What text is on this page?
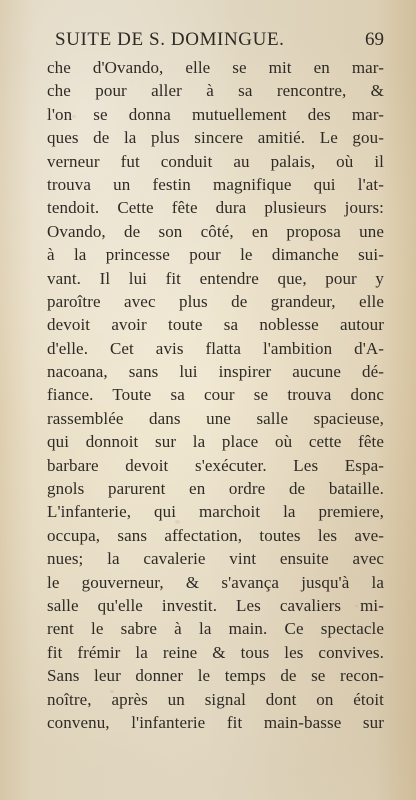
SUITE DE S. DOMINGUE.	69
che d'Ovando, elle se mit en mar-
che pour aller à sa rencontre, &
l'on se donna mutuellement des mar-
ques de la plus sincere amitié. Le gou-
verneur fut conduit au palais, où il
trouva un festin magnifique qui l'at-
tendoit. Cette fête dura plusieurs jours:
Ovando, de son côté, en proposa une
à la princesse pour le dimanche sui-
vant. Il lui fit entendre que, pour y
paroître avec plus de grandeur, elle
devoit avoir toute sa noblesse autour
d'elle. Cet avis flatta l'ambition d'A-
nacoana, sans lui inspirer aucune dé-
fiance. Toute sa cour se trouva donc
rassemblée dans une salle spacieuse,
qui donnoit sur la place où cette fête
barbare devoit s'exécuter. Les Espa-
gnols parurent en ordre de bataille.
L'infanterie, qui marchoit la premiere,
occupa, sans affectation, toutes les ave-
nues; la cavalerie vint ensuite avec
le gouverneur, & s'avança jusqu'à la
salle qu'elle investit. Les cavaliers mi-
rent le sabre à la main. Ce spectacle
fit frémir la reine & tous les convives.
Sans leur donner le temps de se recon-
noître, après un signal dont on étoit
convenu, l'infanterie fit main-basse sur
